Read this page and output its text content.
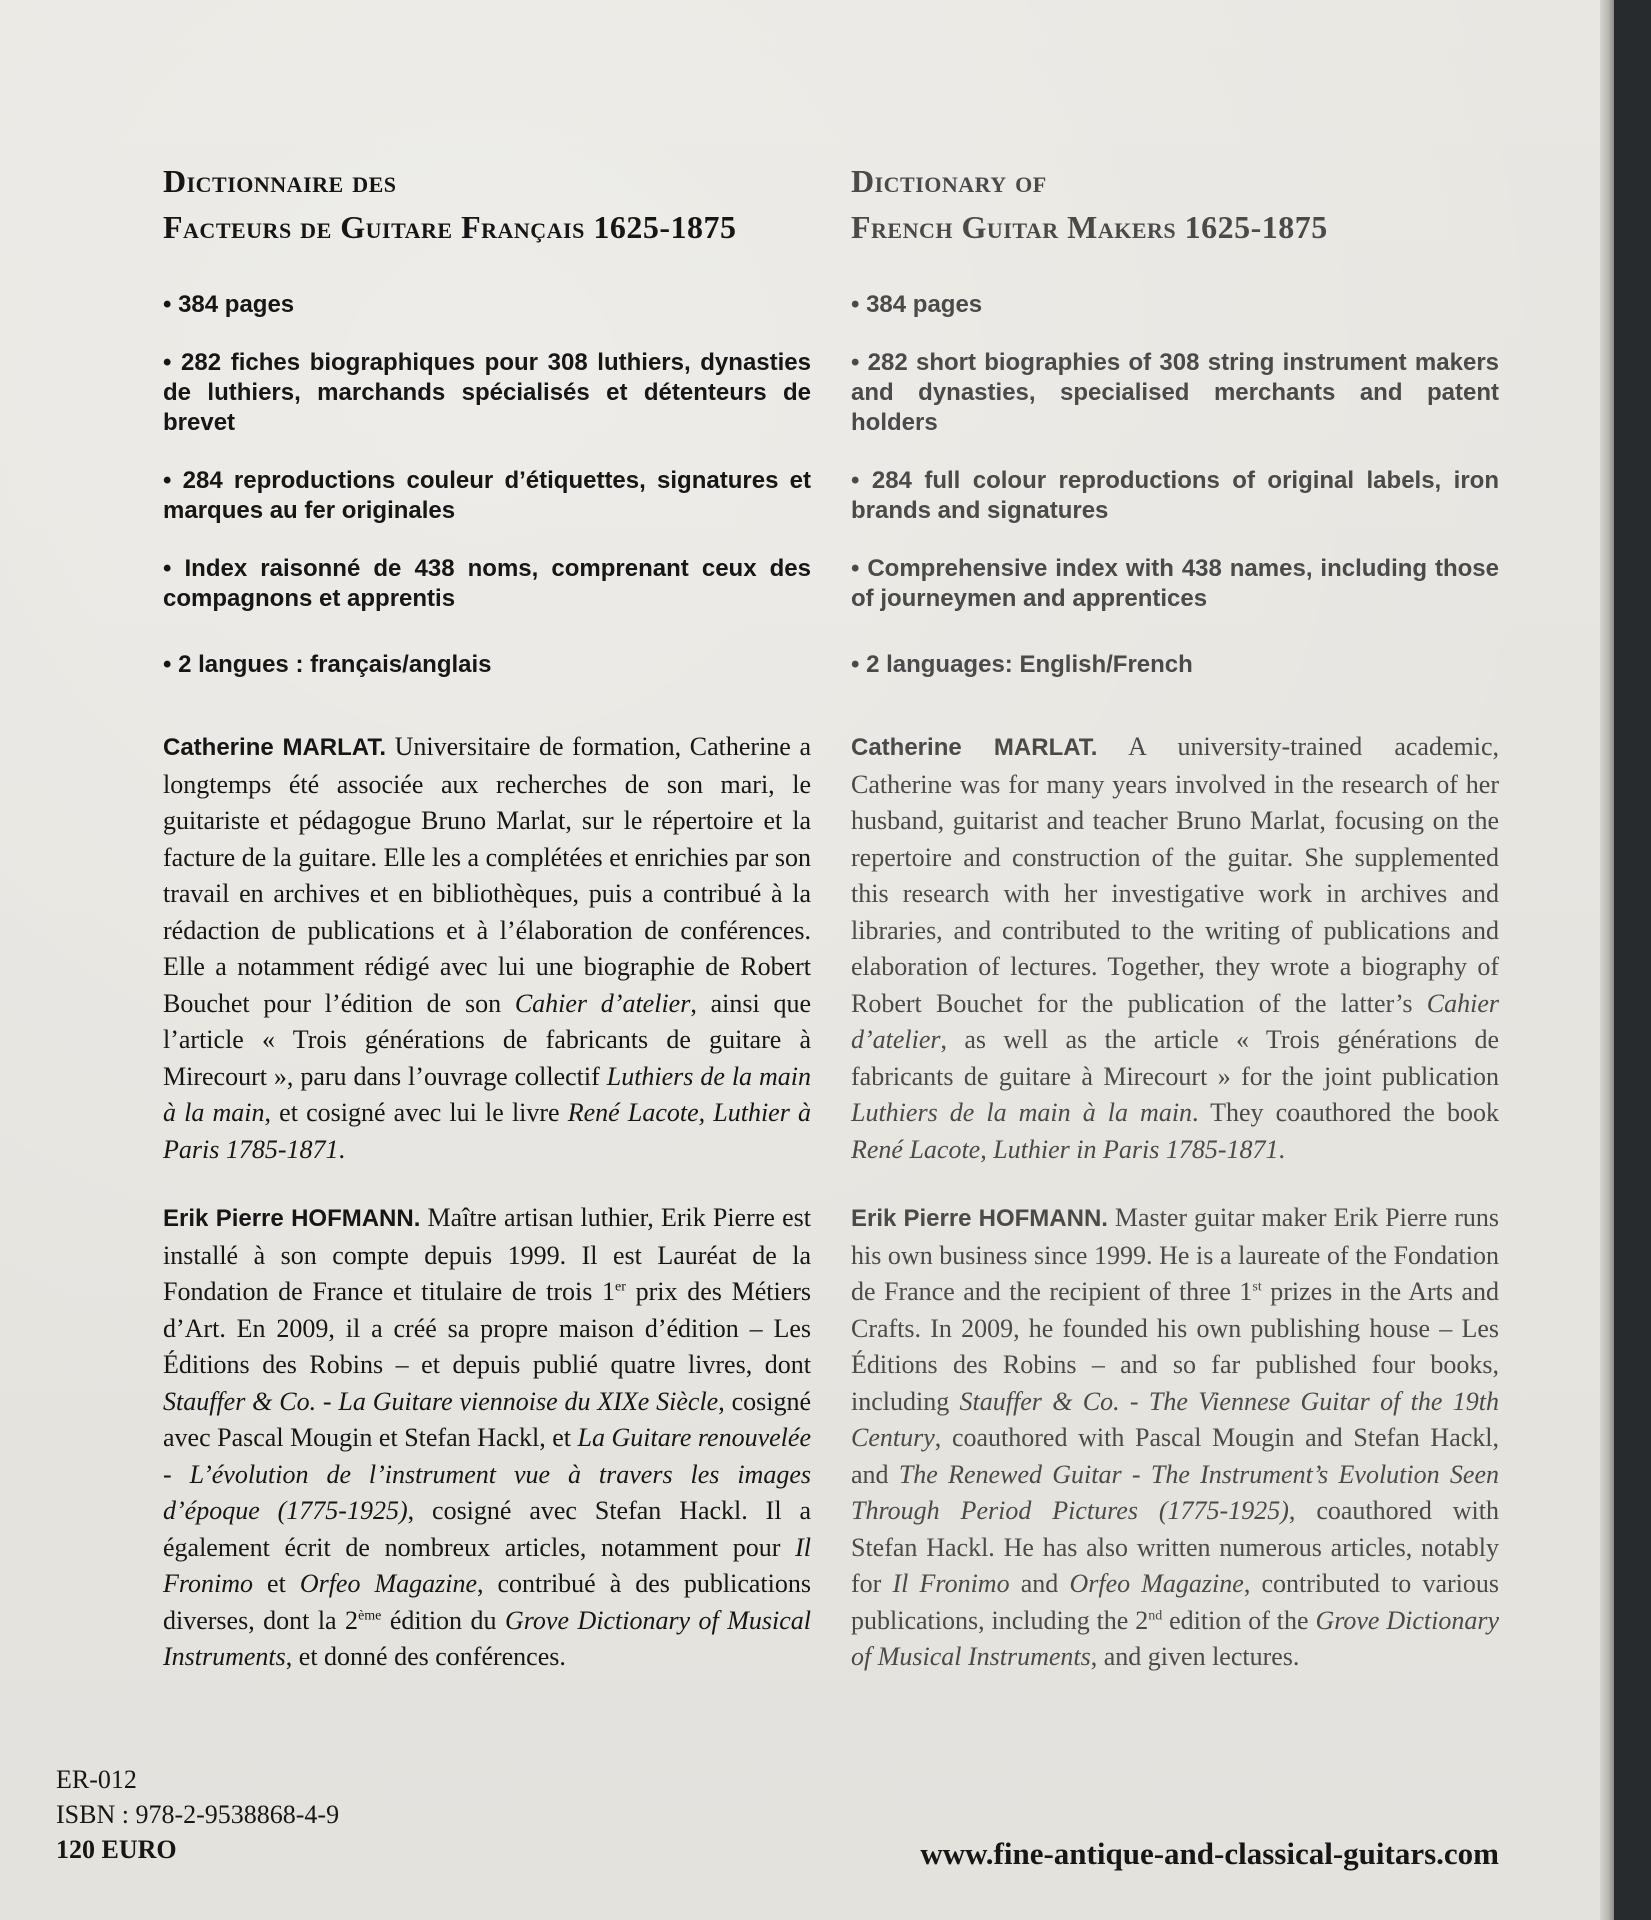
Dictionnaire des
Facteurs de Guitare Français 1625-1875

• 384 pages

• 282 fiches biographiques pour 308 luthiers, dynasties de luthiers, marchands spécialisés et détenteurs de brevet

• 284 reproductions couleur d’étiquettes, signatures et marques au fer originales

• Index raisonné de 438 noms, comprenant ceux des compagnons et apprentis

• 2 langues : français/anglais

Catherine MARLAT. Universitaire de formation, Catherine a longtemps été associée aux recherches de son mari, le guitariste et pédagogue Bruno Marlat, sur le répertoire et la facture de la guitare. Elle les a complétées et enrichies par son travail en archives et en bibliothèques, puis a contribué à la rédaction de publications et à l’élaboration de conférences. Elle a notamment rédigé avec lui une biographie de Robert Bouchet pour l’édition de son Cahier d’atelier, ainsi que l’article « Trois générations de fabricants de guitare à Mirecourt », paru dans l’ouvrage collectif Luthiers de la main à la main, et cosigné avec lui le livre René Lacote, Luthier à Paris 1785-1871.

Erik Pierre HOFMANN. Maître artisan luthier, Erik Pierre est installé à son compte depuis 1999. Il est Lauréat de la Fondation de France et titulaire de trois 1er prix des Métiers d’Art. En 2009, il a créé sa propre maison d’édition – Les Éditions des Robins – et depuis publié quatre livres, dont Stauffer & Co. - La Guitare viennoise du XIXe Siècle, cosigné avec Pascal Mougin et Stefan Hackl, et La Guitare renouvelée - L’évolution de l’instrument vue à travers les images d’époque (1775-1925), cosigné avec Stefan Hackl. Il a également écrit de nombreux articles, notamment pour Il Fronimo et Orfeo Magazine, contribué à des publications diverses, dont la 2ème édition du Grove Dictionary of Musical Instruments, et donné des conférences.

Dictionary of
French Guitar Makers 1625-1875

• 384 pages

• 282 short biographies of 308 string instrument makers and dynasties, specialised merchants and patent holders

• 284 full colour reproductions of original labels, iron brands and signatures

• Comprehensive index with 438 names, including those of journeymen and apprentices

• 2 languages: English/French

Catherine MARLAT. A university-trained academic, Catherine was for many years involved in the research of her husband, guitarist and teacher Bruno Marlat, focusing on the repertoire and construction of the guitar. She supplemented this research with her investigative work in archives and libraries, and contributed to the writing of publications and elaboration of lectures. Together, they wrote a biography of Robert Bouchet for the publication of the latter’s Cahier d’atelier, as well as the article « Trois générations de fabricants de guitare à Mirecourt » for the joint publication Luthiers de la main à la main. They coauthored the book René Lacote, Luthier in Paris 1785-1871.

Erik Pierre HOFMANN. Master guitar maker Erik Pierre runs his own business since 1999. He is a laureate of the Fondation de France and the recipient of three 1st prizes in the Arts and Crafts. In 2009, he founded his own publishing house – Les Éditions des Robins – and so far published four books, including Stauffer & Co. - The Viennese Guitar of the 19th Century, coauthored with Pascal Mougin and Stefan Hackl, and The Renewed Guitar - The Instrument’s Evolution Seen Through Period Pictures (1775-1925), coauthored with Stefan Hackl. He has also written numerous articles, notably for Il Fronimo and Orfeo Magazine, contributed to various publications, including the 2nd edition of the Grove Dictionary of Musical Instruments, and given lectures.

ER-012
ISBN : 978-2-9538868-4-9
120 EURO	www.fine-antique-and-classical-guitars.com
